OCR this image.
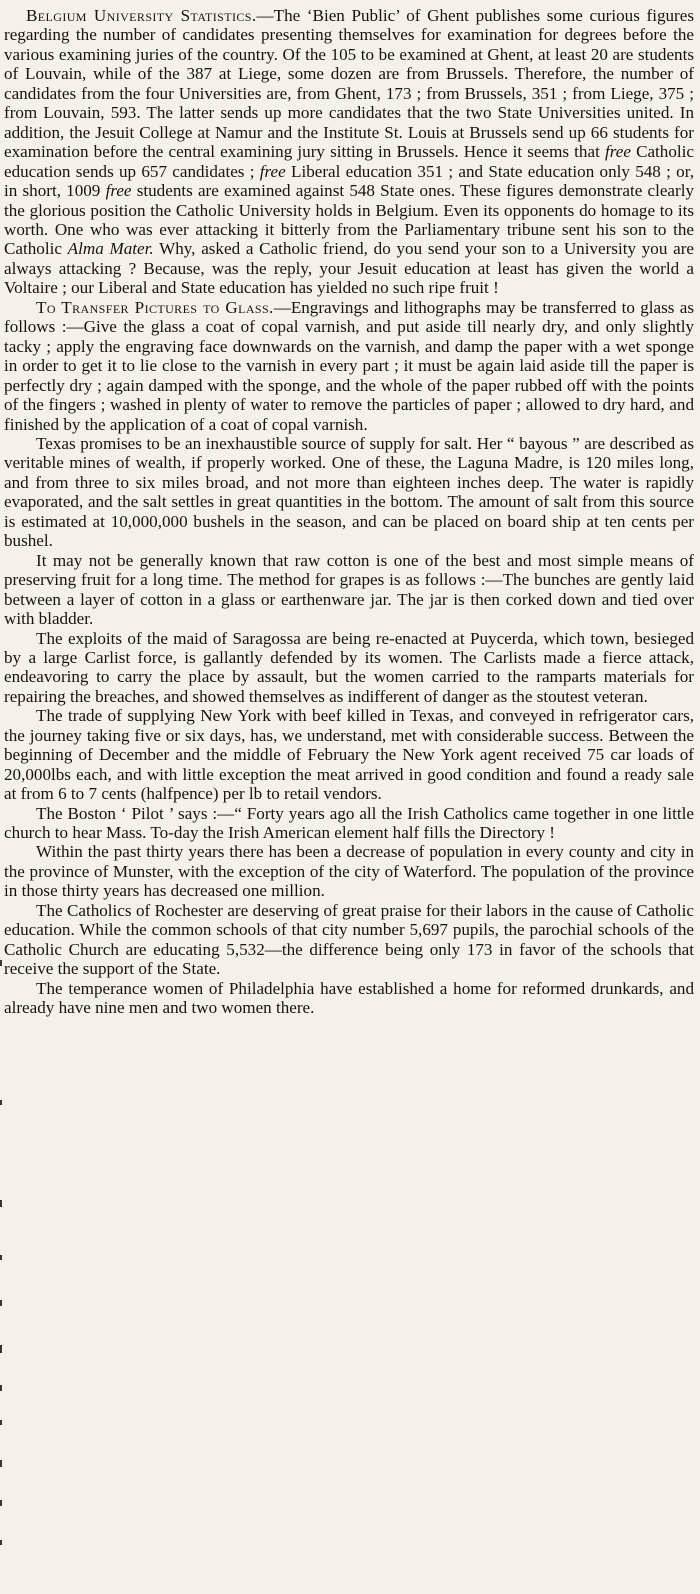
Belgium University Statistics.—The ‘Bien Public’ of Ghent publishes some curious figures regarding the number of candidates presenting themselves for examination for degrees before the various examining juries of the country. Of the 105 to be examined at Ghent, at least 20 are students of Louvain, while of the 387 at Liege, some dozen are from Brussels. Therefore, the number of candidates from the four Universities are, from Ghent, 173 ; from Brussels, 351 ; from Liege, 375 ; from Louvain, 593. The latter sends up more candidates that the two State Universities united. In addition, the Jesuit College at Namur and the Institute St. Louis at Brussels send up 66 students for examination before the central examining jury sitting in Brussels. Hence it seems that free Catholic education sends up 657 candidates ; free Liberal education 351 ; and State education only 548 ; or, in short, 1009 free students are examined against 548 State ones. These figures demonstrate clearly the glorious position the Catholic University holds in Belgium. Even its opponents do homage to its worth. One who was ever attacking it bitterly from the Parliamentary tribune sent his son to the Catholic Alma Mater. Why, asked a Catholic friend, do you send your son to a University you are always attacking ? Because, was the reply, your Jesuit education at least has given the world a Voltaire ; our Liberal and State education has yielded no such ripe fruit !

To Transfer Pictures to Glass.—Engravings and lithographs may be transferred to glass as follows :—Give the glass a coat of copal varnish, and put aside till nearly dry, and only slightly tacky ; apply the engraving face downwards on the varnish, and damp the paper with a wet sponge in order to get it to lie close to the varnish in every part ; it must be again laid aside till the paper is perfectly dry ; again damped with the sponge, and the whole of the paper rubbed off with the points of the fingers ; washed in plenty of water to remove the particles of paper ; allowed to dry hard, and finished by the application of a coat of copal varnish.

Texas promises to be an inexhaustible source of supply for salt. Her “ bayous ” are described as veritable mines of wealth, if properly worked. One of these, the Laguna Madre, is 120 miles long, and from three to six miles broad, and not more than eighteen inches deep. The water is rapidly evaporated, and the salt settles in great quantities in the bottom. The amount of salt from this source is estimated at 10,000,000 bushels in the season, and can be placed on board ship at ten cents per bushel.

It may not be generally known that raw cotton is one of the best and most simple means of preserving fruit for a long time. The method for grapes is as follows :—The bunches are gently laid between a layer of cotton in a glass or earthenware jar. The jar is then corked down and tied over with bladder.

The exploits of the maid of Saragossa are being re-enacted at Puycerda, which town, besieged by a large Carlist force, is gallantly defended by its women. The Carlists made a fierce attack, endeavoring to carry the place by assault, but the women carried to the ramparts materials for repairing the breaches, and showed themselves as indifferent of danger as the stoutest veteran.

The trade of supplying New York with beef killed in Texas, and conveyed in refrigerator cars, the journey taking five or six days, has, we understand, met with considerable success. Between the beginning of December and the middle of February the New York agent received 75 car loads of 20,000lbs each, and with little exception the meat arrived in good condition and found a ready sale at from 6 to 7 cents (halfpence) per lb to retail vendors.

The Boston ‘ Pilot ’ says :—“ Forty years ago all the Irish Catholics came together in one little church to hear Mass. To-day the Irish American element half fills the Directory !

Within the past thirty years there has been a decrease of population in every county and city in the province of Munster, with the exception of the city of Waterford. The population of the province in those thirty years has decreased one million.

The Catholics of Rochester are deserving of great praise for their labors in the cause of Catholic education. While the common schools of that city number 5,697 pupils, the parochial schools of the Catholic Church are educating 5,532—the difference being only 173 in favor of the schools that receive the support of the State.

The temperance women of Philadelphia have established a home for reformed drunkards, and already have nine men and two women there.
